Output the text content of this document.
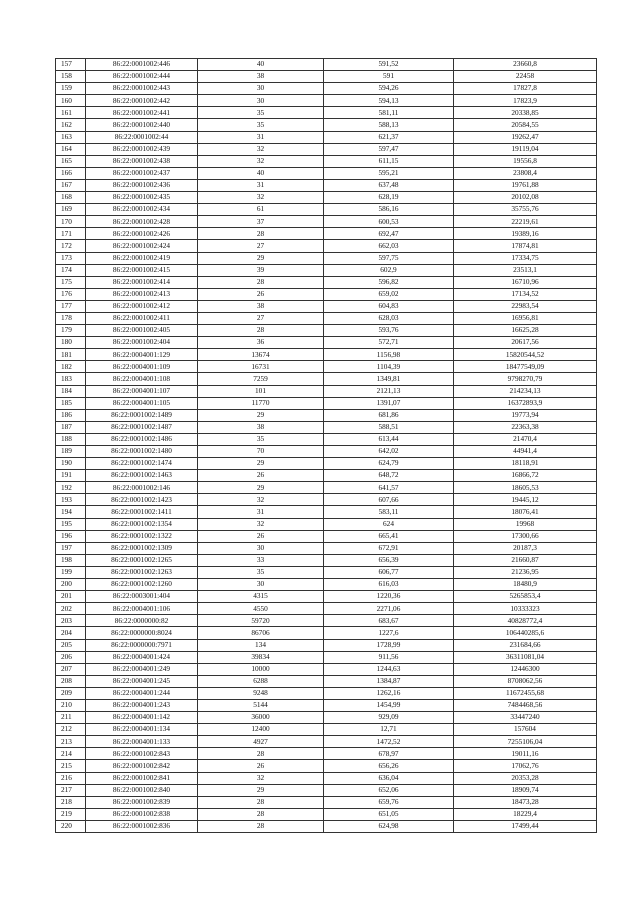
157	86:22:0001002:446	40	591,52	23660,8
158	86:22:0001002:444	38	591	22458
159	86:22:0001002:443	30	594,26	17827,8
160	86:22:0001002:442	30	594,13	17823,9
161	86:22:0001002:441	35	581,11	20338,85
162	86:22:0001002:440	35	588,13	20584,55
163	86:22:0001002:44	31	621,37	19262,47
164	86:22:0001002:439	32	597,47	19119,04
165	86:22:0001002:438	32	611,15	19556,8
166	86:22:0001002:437	40	595,21	23808,4
167	86:22:0001002:436	31	637,48	19761,88
168	86:22:0001002:435	32	628,19	20102,08
169	86:22:0001002:434	61	586,16	35755,76
170	86:22:0001002:428	37	600,53	22219,61
171	86:22:0001002:426	28	692,47	19389,16
172	86:22:0001002:424	27	662,03	17874,81
173	86:22:0001002:419	29	597,75	17334,75
174	86:22:0001002:415	39	602,9	23513,1
175	86:22:0001002:414	28	596,82	16710,96
176	86:22:0001002:413	26	659,02	17134,52
177	86:22:0001002:412	38	604,83	22983,54
178	86:22:0001002:411	27	628,03	16956,81
179	86:22:0001002:405	28	593,76	16625,28
180	86:22:0001002:404	36	572,71	20617,56
181	86:22:0004001:129	13674	1156,98	15820544,52
182	86:22:0004001:109	16731	1104,39	18477549,09
183	86:22:0004001:108	7259	1349,81	9798270,79
184	86:22:0004001:107	101	2121,13	214234,13
185	86:22:0004001:105	11770	1391,07	16372893,9
186	86:22:0001002:1489	29	681,86	19773,94
187	86:22:0001002:1487	38	588,51	22363,38
188	86:22:0001002:1486	35	613,44	21470,4
189	86:22:0001002:1480	70	642,02	44941,4
190	86:22:0001002:1474	29	624,79	18118,91
191	86:22:0001002:1463	26	648,72	16866,72
192	86:22:0001002:146	29	641,57	18605,53
193	86:22:0001002:1423	32	607,66	19445,12
194	86:22:0001002:1411	31	583,11	18076,41
195	86:22:0001002:1354	32	624	19968
196	86:22:0001002:1322	26	665,41	17300,66
197	86:22:0001002:1309	30	672,91	20187,3
198	86:22:0001002:1265	33	656,39	21660,87
199	86:22:0001002:1263	35	606,77	21236,95
200	86:22:0001002:1260	30	616,03	18480,9
201	86:22:0003001:404	4315	1220,36	5265853,4
202	86:22:0004001:106	4550	2271,06	10333323
203	86:22:0000000:82	59720	683,67	40828772,4
204	86:22:0000000:8024	86706	1227,6	106440285,6
205	86:22:0000000:7971	134	1728,99	231684,66
206	86:22:0004001:424	39834	911,56	36311081,04
207	86:22:0004001:249	10000	1244,63	12446300
208	86:22:0004001:245	6288	1384,87	8708062,56
209	86:22:0004001:244	9248	1262,16	11672455,68
210	86:22:0004001:243	5144	1454,99	7484468,56
211	86:22:0004001:142	36000	929,09	33447240
212	86:22:0004001:134	12400	12,71	157604
213	86:22:0004001:133	4927	1472,52	7255106,04
214	86:22:0001002:843	28	678,97	19011,16
215	86:22:0001002:842	26	656,26	17062,76
216	86:22:0001002:841	32	636,04	20353,28
217	86:22:0001002:840	29	652,06	18909,74
218	86:22:0001002:839	28	659,76	18473,28
219	86:22:0001002:838	28	651,05	18229,4
220	86:22:0001002:836	28	624,98	17499,44
